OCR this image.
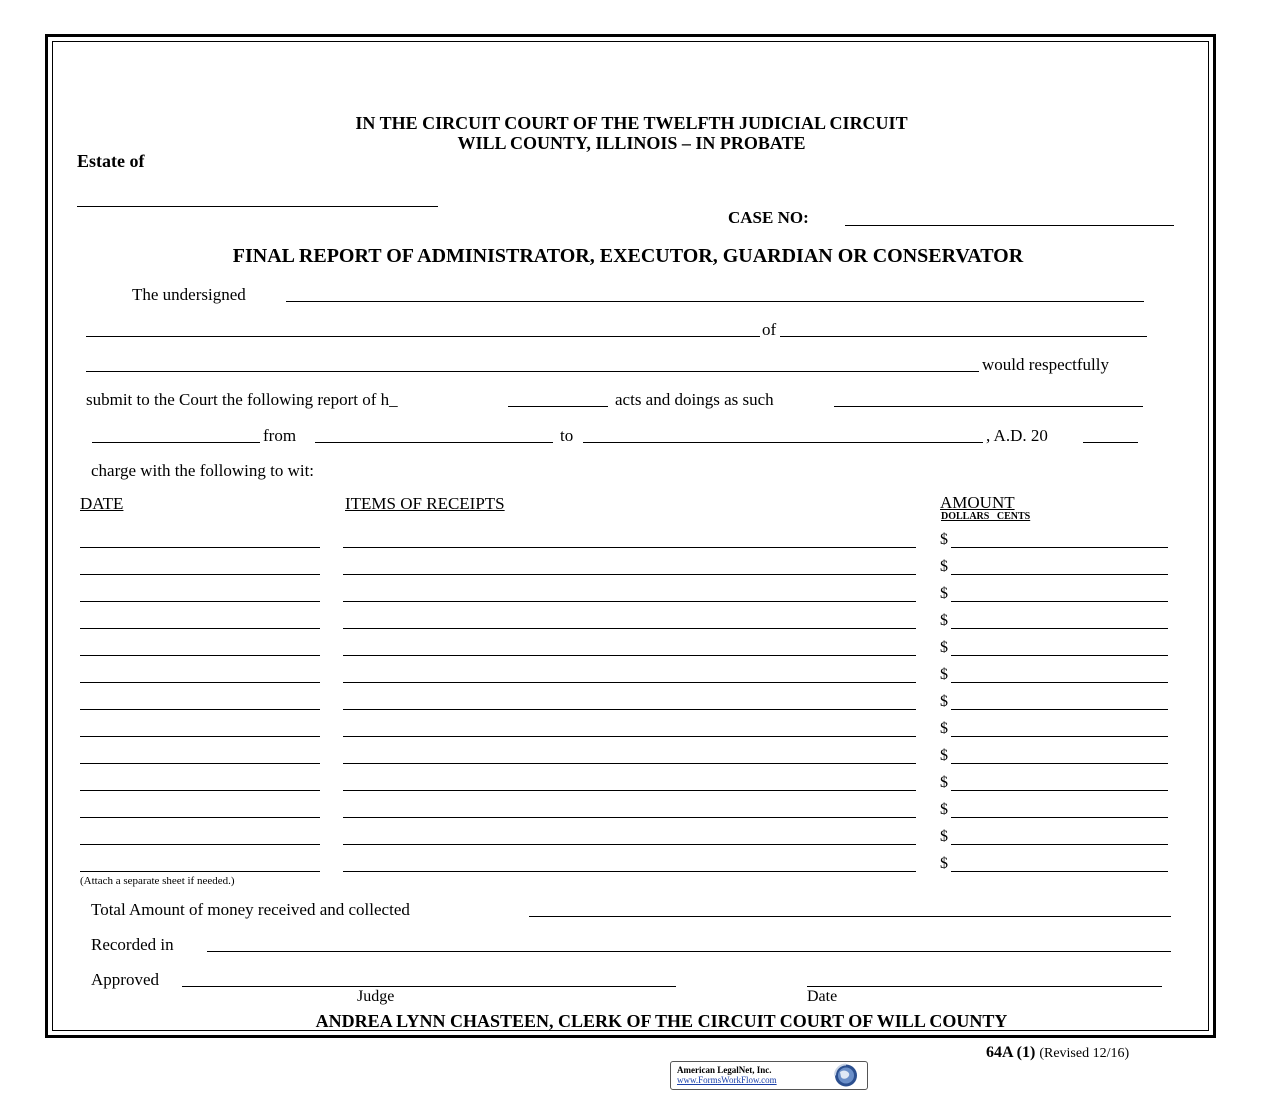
IN THE CIRCUIT COURT OF THE TWELFTH JUDICIAL CIRCUIT
WILL COUNTY, ILLINOIS – IN PROBATE
Estate of
CASE NO:
FINAL REPORT OF ADMINISTRATOR, EXECUTOR, GUARDIAN OR CONSERVATOR
The undersigned
of
would respectfully
submit to the Court the following report of h_	acts and doings as such
from	to	, A.D. 20
charge with the following to wit:
DATE	ITEMS OF RECEIPTS	AMOUNT
DOLLARS   CENTS
$
$
$
$
$
$
$
$
$
$
$
$
$
(Attach a separate sheet if needed.)
Total Amount of money received and collected
Recorded in
Approved
Judge	Date
ANDREA LYNN CHASTEEN, CLERK OF THE CIRCUIT COURT OF WILL COUNTY
64A (1) (Revised 12/16)
American LegalNet, Inc.
www.FormsWorkFlow.com
